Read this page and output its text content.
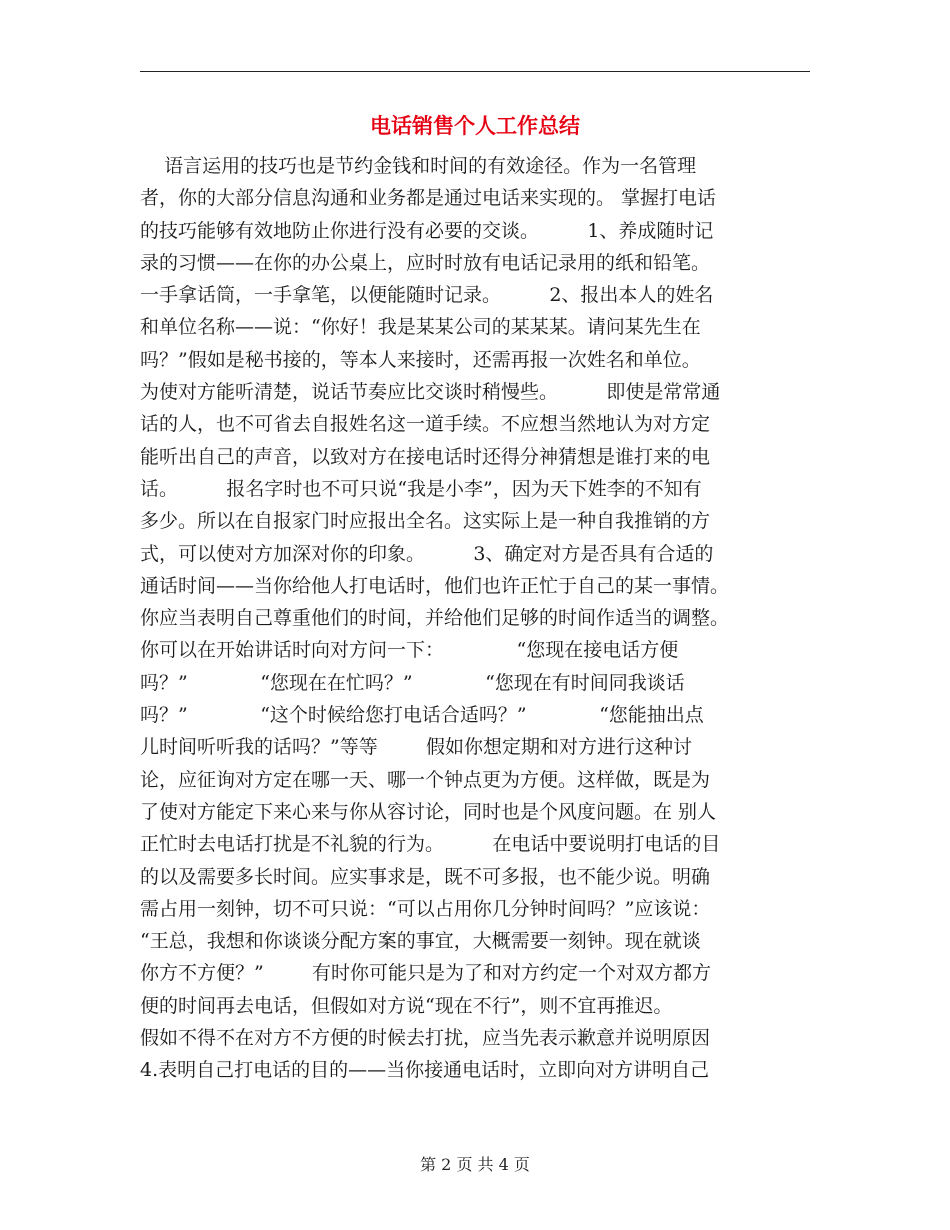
电话销售个人工作总结
语言运用的技巧也是节约金钱和时间的有效途径。作为一名管理
者，你的大部分信息沟通和业务都是通过电话来实现的。 掌握打电话
的技巧能够有效地防止你进行没有必要的交谈。        1、养成随时记
录的习惯——在你的办公桌上，应时时放有电话记录用的纸和铅笔。
一手拿话筒，一手拿笔，以便能随时记录。        2、报出本人的姓名
和单位名称——说：“你好！我是某某公司的某某某。请问某先生在
吗？”假如是秘书接的，等本人来接时，还需再报一次姓名和单位。
为使对方能听清楚，说话节奏应比交谈时稍慢些。        即使是常常通
话的人，也不可省去自报姓名这一道手续。不应想当然地认为对方定
能听出自己的声音，以致对方在接电话时还得分神猜想是谁打来的电
话。        报名字时也不可只说“我是小李”，因为天下姓李的不知有
多少。所以在自报家门时应报出全名。这实际上是一种自我推销的方
式，可以使对方加深对你的印象。        3、确定对方是否具有合适的
通话时间——当你给他人打电话时，他们也许正忙于自己的某一事情。
你应当表明自己尊重他们的时间，并给他们足够的时间作适当的调整。
你可以在开始讲话时向对方问一下：            “您现在接电话方便
吗？”            “您现在在忙吗？”            “您现在有时间同我谈话
吗？”            “这个时候给您打电话合适吗？”            “您能抽出点
儿时间听听我的话吗？”等等        假如你想定期和对方进行这种讨
论，应征询对方定在哪一天、哪一个钟点更为方便。这样做，既是为
了使对方能定下来心来与你从容讨论，同时也是个风度问题。在 别人
正忙时去电话打扰是不礼貌的行为。        在电话中要说明打电话的目
的以及需要多长时间。应实事求是，既不可多报，也不能少说。明确
需占用一刻钟，切不可只说：“可以占用你几分钟时间吗？”应该说：
“王总，我想和你谈谈分配方案的事宜，大概需要一刻钟。现在就谈
你方不方便？”        有时你可能只是为了和对方约定一个对双方都方
便的时间再去电话，但假如对方说“现在不行”，则不宜再推迟。
假如不得不在对方不方便的时候去打扰，应当先表示歉意并说明原因
4.表明自己打电话的目的——当你接通电话时，立即向对方讲明自己
第 2 页 共 4 页
